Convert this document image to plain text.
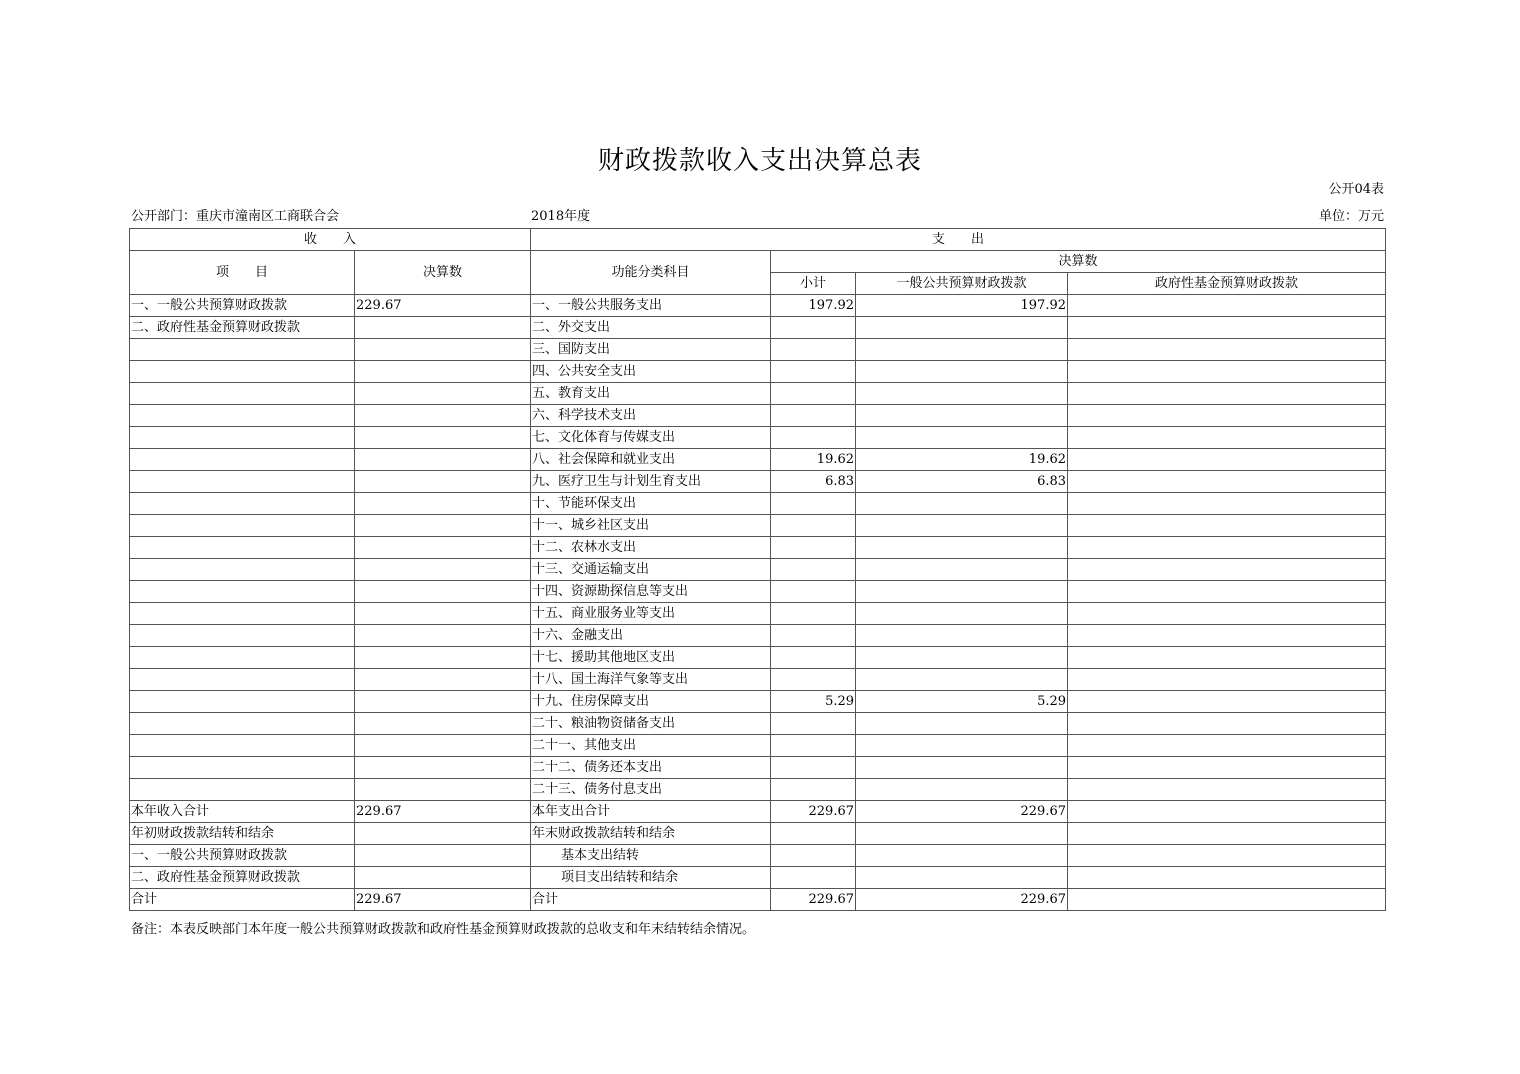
财政拨款收入支出决算总表
公开04表
公开部门：重庆市潼南区工商联合会	2018年度	单位：万元
收　　入		支　　出			
项　　目	决算数	功能分类科目	决算数		
			小计	一般公共预算财政拨款	政府性基金预算财政拨款
一、一般公共预算财政拨款	229.67	一、一般公共服务支出	197.92	197.92	
二、政府性基金预算财政拨款		二、外交支出			
		三、国防支出			
		四、公共安全支出			
		五、教育支出			
		六、科学技术支出			
		七、文化体育与传媒支出			
		八、社会保障和就业支出	19.62	19.62	
		九、医疗卫生与计划生育支出	6.83	6.83	
		十、节能环保支出			
		十一、城乡社区支出			
		十二、农林水支出			
		十三、交通运输支出			
		十四、资源勘探信息等支出			
		十五、商业服务业等支出			
		十六、金融支出			
		十七、援助其他地区支出			
		十八、国土海洋气象等支出			
		十九、住房保障支出	5.29	5.29	
		二十、粮油物资储备支出			
		二十一、其他支出			
		二十二、债务还本支出			
		二十三、债务付息支出			
本年收入合计	229.67	本年支出合计	229.67	229.67	
年初财政拨款结转和结余		年末财政拨款结转和结余			
一、一般公共预算财政拨款		基本支出结转			
二、政府性基金预算财政拨款		项目支出结转和结余			
合计	229.67	合计	229.67	229.67	
备注：本表反映部门本年度一般公共预算财政拨款和政府性基金预算财政拨款的总收支和年末结转结余情况。
